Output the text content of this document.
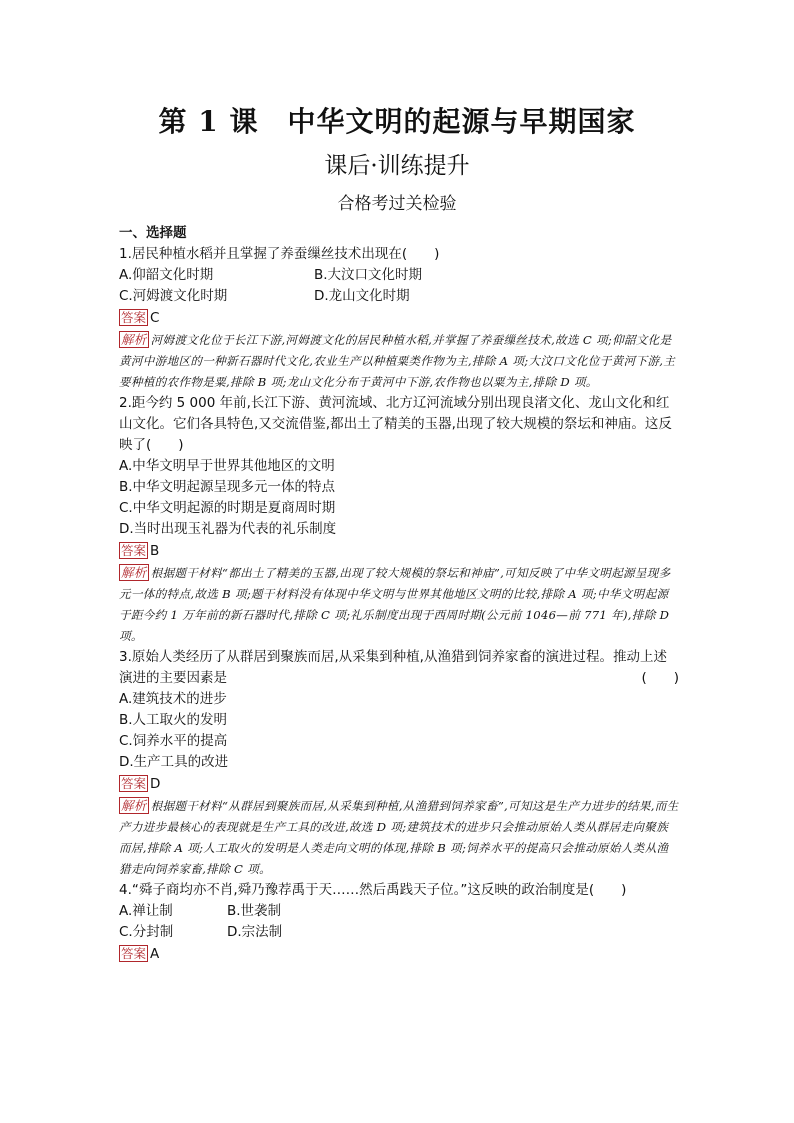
第 1 课　中华文明的起源与早期国家
课后·训练提升
合格考过关检验
一、选择题

1.居民种植水稻并且掌握了养蚕缫丝技术出现在(　　)

A.仰韶文化时期	B.大汶口文化时期
C.河姆渡文化时期	D.龙山文化时期
答案 C
解析 河姆渡文化位于长江下游,河姆渡文化的居民种植水稻,并掌握了养蚕缫丝技术,故选 C 项;仰韶文化是黄河中游地区的一种新石器时代文化,农业生产以种植粟类作物为主,排除 A 项;大汶口文化位于黄河下游,主要种植的农作物是粟,排除 B 项;龙山文化分布于黄河中下游,农作物也以粟为主,排除 D 项。

2.距今约 5 000 年前,长江下游、黄河流域、北方辽河流域分别出现良渚文化、龙山文化和红山文化。它们各具特色,又交流借鉴,都出土了精美的玉器,出现了较大规模的祭坛和神庙。这反映了(　　)

A.中华文明早于世界其他地区的文明

B.中华文明起源呈现多元一体的特点

C.中华文明起源的时期是夏商周时期

D.当时出现玉礼器为代表的礼乐制度

答案 B
解析 根据题干材料“都出土了精美的玉器,出现了较大规模的祭坛和神庙”,可知反映了中华文明起源呈现多元一体的特点,故选 B 项;题干材料没有体现中华文明与世界其他地区文明的比较,排除 A 项;中华文明起源于距今约 1 万年前的新石器时代,排除 C 项;礼乐制度出现于西周时期(公元前 1046—前 771 年),排除 D 项。

3.原始人类经历了从群居到聚族而居,从采集到种植,从渔猎到饲养家畜的演进过程。推动上述演进的主要因素是	(　　)

A.建筑技术的进步

B.人工取火的发明

C.饲养水平的提高

D.生产工具的改进

答案 D
解析 根据题干材料“从群居到聚族而居,从采集到种植,从渔猎到饲养家畜”,可知这是生产力进步的结果,而生产力进步最核心的表现就是生产工具的改进,故选 D 项;建筑技术的进步只会推动原始人类从群居走向聚族而居,排除 A 项;人工取火的发明是人类走向文明的体现,排除 B 项;饲养水平的提高只会推动原始人类从渔猎走向饲养家畜,排除 C 项。

4.“舜子商均亦不肖,舜乃豫荐禹于天……然后禹践天子位。”这反映的政治制度是(　　)

A.禅让制	B.世袭制
C.分封制	D.宗法制
答案 A
